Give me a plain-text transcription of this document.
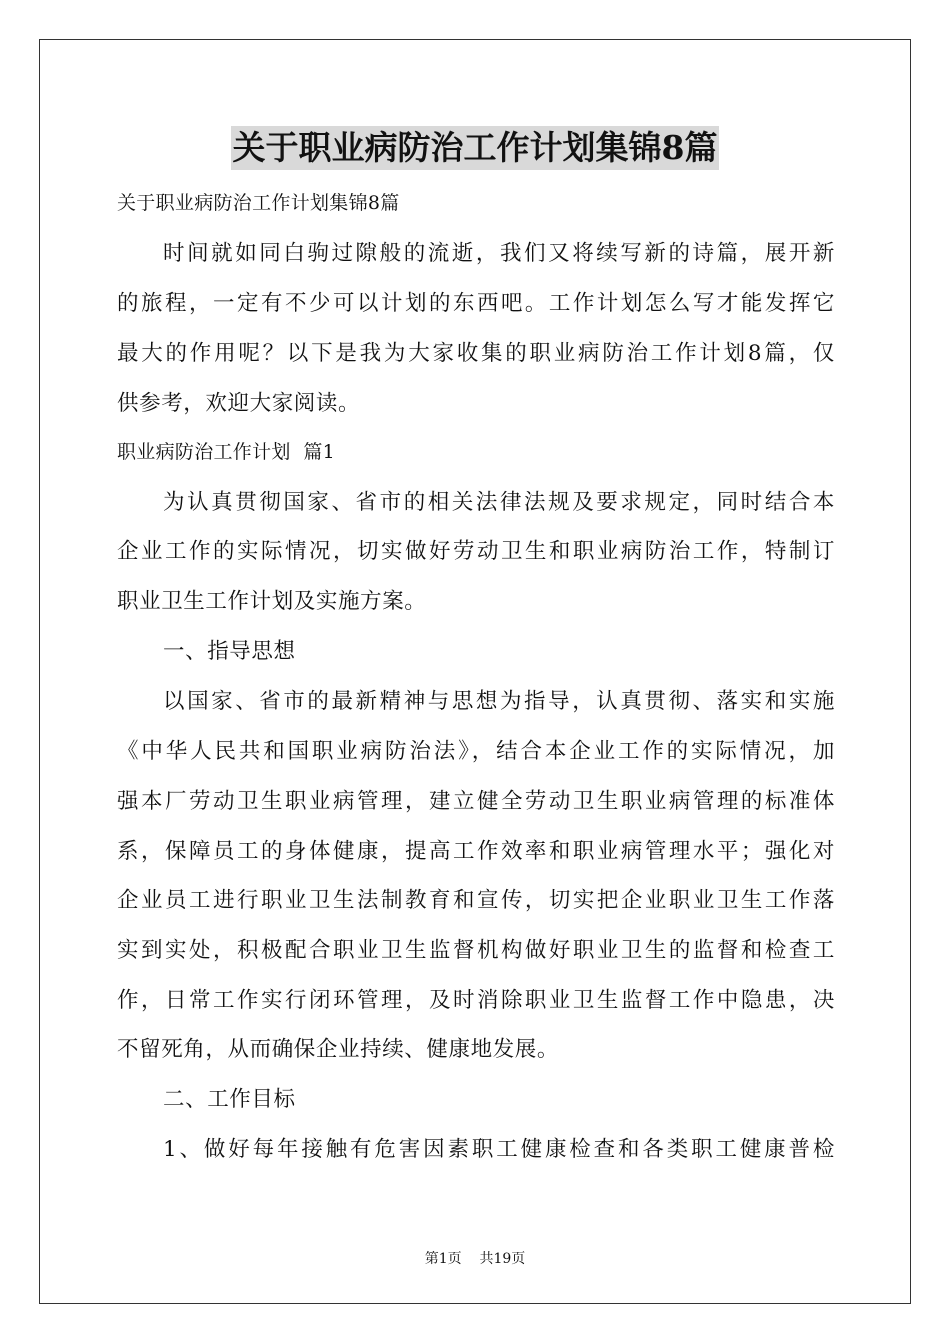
关于职业病防治工作计划集锦8篇
关于职业病防治工作计划集锦8篇
时间就如同白驹过隙般的流逝，我们又将续写新的诗篇，展开新
的旅程，一定有不少可以计划的东西吧。工作计划怎么写才能发挥它
最大的作用呢？以下是我为大家收集的职业病防治工作计划8篇，仅
供参考，欢迎大家阅读。
职业病防治工作计划  篇1
为认真贯彻国家、省市的相关法律法规及要求规定，同时结合本
企业工作的实际情况，切实做好劳动卫生和职业病防治工作，特制订
职业卫生工作计划及实施方案。
一、指导思想
以国家、省市的最新精神与思想为指导，认真贯彻、落实和实施
《中华人民共和国职业病防治法》，结合本企业工作的实际情况，加
强本厂劳动卫生职业病管理，建立健全劳动卫生职业病管理的标准体
系，保障员工的身体健康，提高工作效率和职业病管理水平；强化对
企业员工进行职业卫生法制教育和宣传，切实把企业职业卫生工作落
实到实处，积极配合职业卫生监督机构做好职业卫生的监督和检查工
作，日常工作实行闭环管理，及时消除职业卫生监督工作中隐患，决
不留死角，从而确保企业持续、健康地发展。
二、工作目标
1、做好每年接触有危害因素职工健康检查和各类职工健康普检
第1页    共19页
